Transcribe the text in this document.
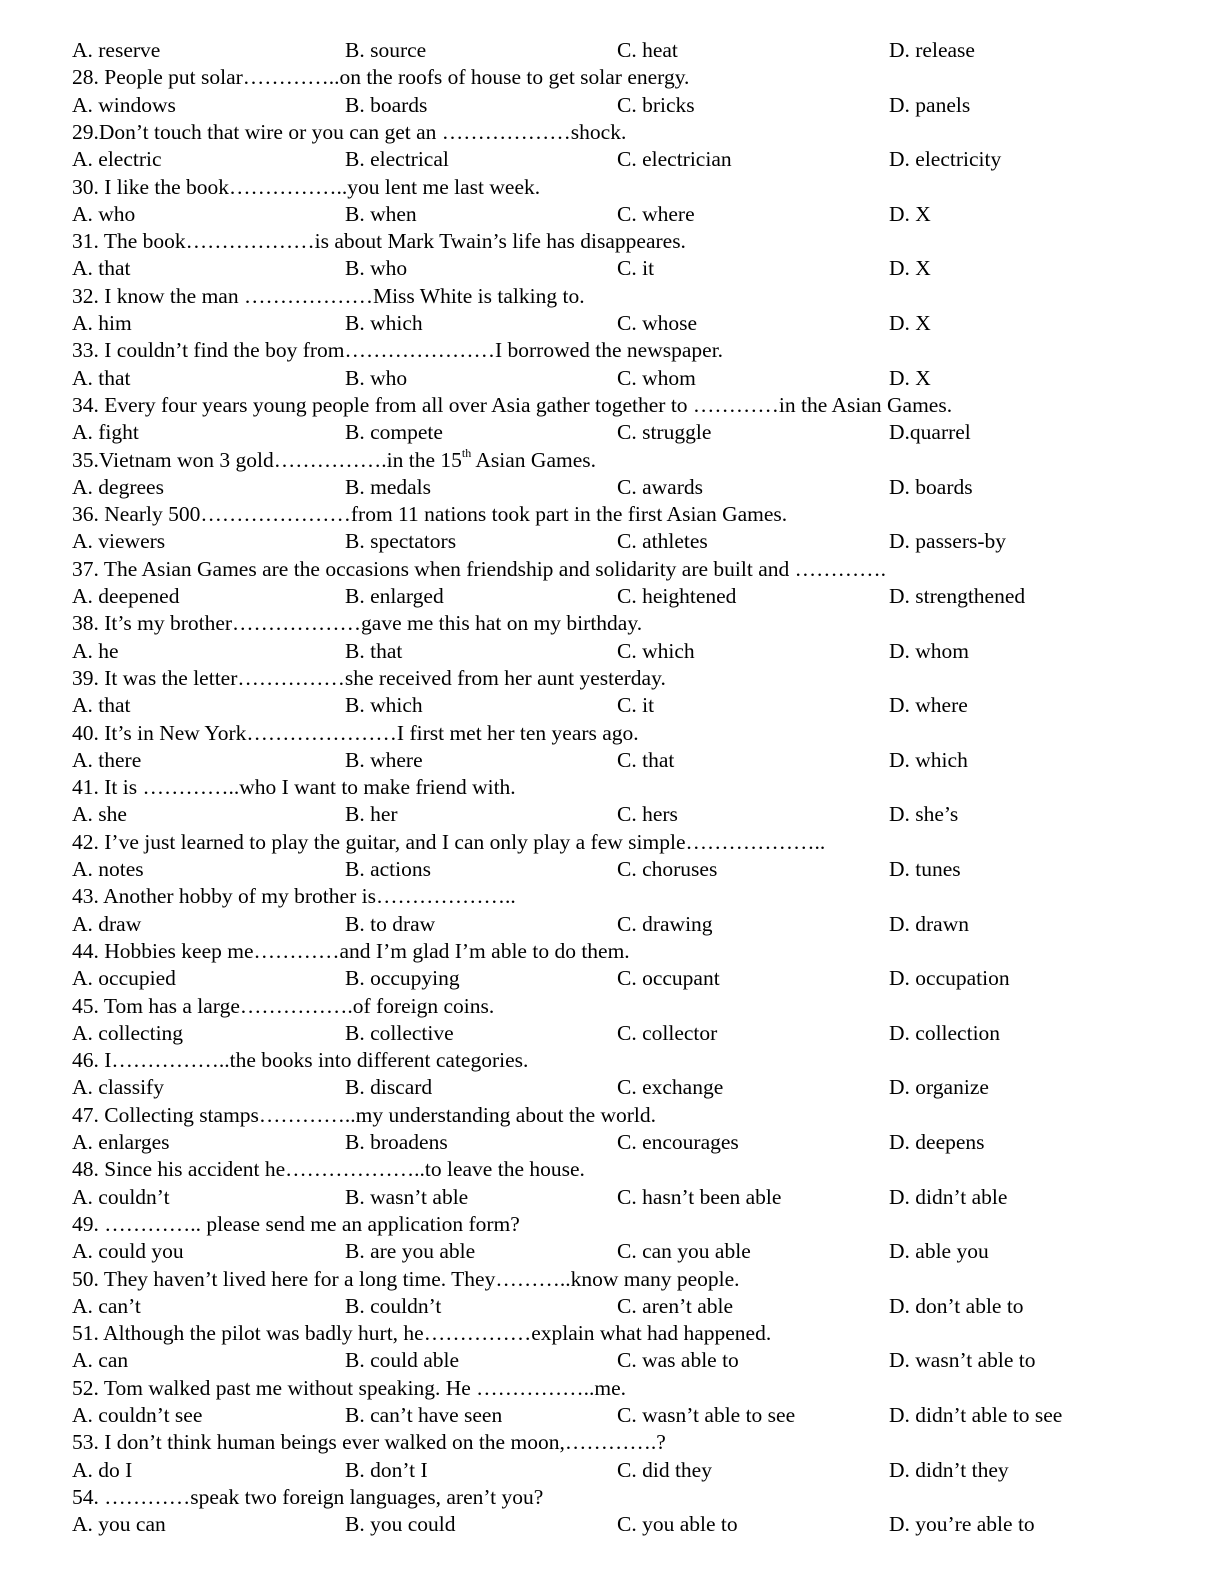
A. reserve	B. source	C. heat	D. release
28. People put solar…………..on the roofs of house to get solar energy.
A. windows	B. boards	C. bricks	D. panels
29.Don’t touch that wire or you can get an ………………shock.
A. electric	B. electrical	C. electrician	D. electricity
30. I like the book……………..you lent me last week.
A. who	B. when	C. where	D. X
31. The book………………is about Mark Twain’s life has disappeares.
A. that	B. who	C. it	D. X
32. I know the man ………………Miss White is talking to.
A. him	B. which	C. whose	D. X
33. I couldn’t find the boy from…………………I borrowed the newspaper.
A. that	B. who	C. whom	D. X
34. Every four years young people from all over Asia gather together to …………in the Asian Games.
A. fight	B. compete	C. struggle	D.quarrel
35.Vietnam won 3 gold…………….in the 15th Asian Games.
A. degrees	B. medals	C. awards	D. boards
36. Nearly 500…………………from 11 nations took part in the first Asian Games.
A. viewers	B. spectators	C. athletes	D. passers-by
37. The Asian Games are the occasions when friendship and solidarity are built and ………….
A. deepened	B. enlarged	C. heightened	D. strengthened
38. It’s my brother………………gave me this hat on my birthday.
A. he	B. that	C. which	D. whom
39. It was the letter……………she received from her aunt yesterday.
A. that	B. which	C. it	D. where
40. It’s in New York…………………I first met her ten years ago.
A. there	B. where	C. that	D. which
41. It is …………..who I want to make friend with.
A. she	B. her	C. hers	D. she’s
42. I’ve just learned to play the guitar, and I can only play a few simple………………..
A. notes	B. actions	C. choruses	D. tunes
43. Another hobby of my brother is………………..
A. draw	B. to draw	C. drawing	D. drawn
44. Hobbies keep me…………and I’m glad I’m able to do them.
A. occupied	B. occupying	C. occupant	D. occupation
45. Tom has a large…………….of foreign coins.
A. collecting	B. collective	C. collector	D. collection
46. I……………..the books into different categories.
A. classify	B. discard	C. exchange	D. organize
47. Collecting stamps…………..my understanding about the world.
A. enlarges	B. broadens	C. encourages	D. deepens
48. Since his accident he………………..to leave the house.
A. couldn’t	B. wasn’t able	C. hasn’t been able	D. didn’t able
49. ………….. please send me an application form?
A. could you	B. are you able	C. can you able	D. able you
50. They haven’t lived here for a long time. They………..know many people.
A. can’t	B. couldn’t	C. aren’t able	D. don’t able to
51. Although the pilot was badly hurt, he……………explain what had happened.
A. can	B. could able	C. was able to	D. wasn’t able to
52. Tom walked past me without speaking. He ……………..me.
A. couldn’t see	B. can’t have seen	C. wasn’t able to see	D. didn’t able to see
53. I don’t think human beings ever walked on the moon,………….?
A. do I	B. don’t I	C. did they	D. didn’t they
54. …………speak two foreign languages, aren’t you?
A. you can	B. you could	C. you able to	D. you’re able to
